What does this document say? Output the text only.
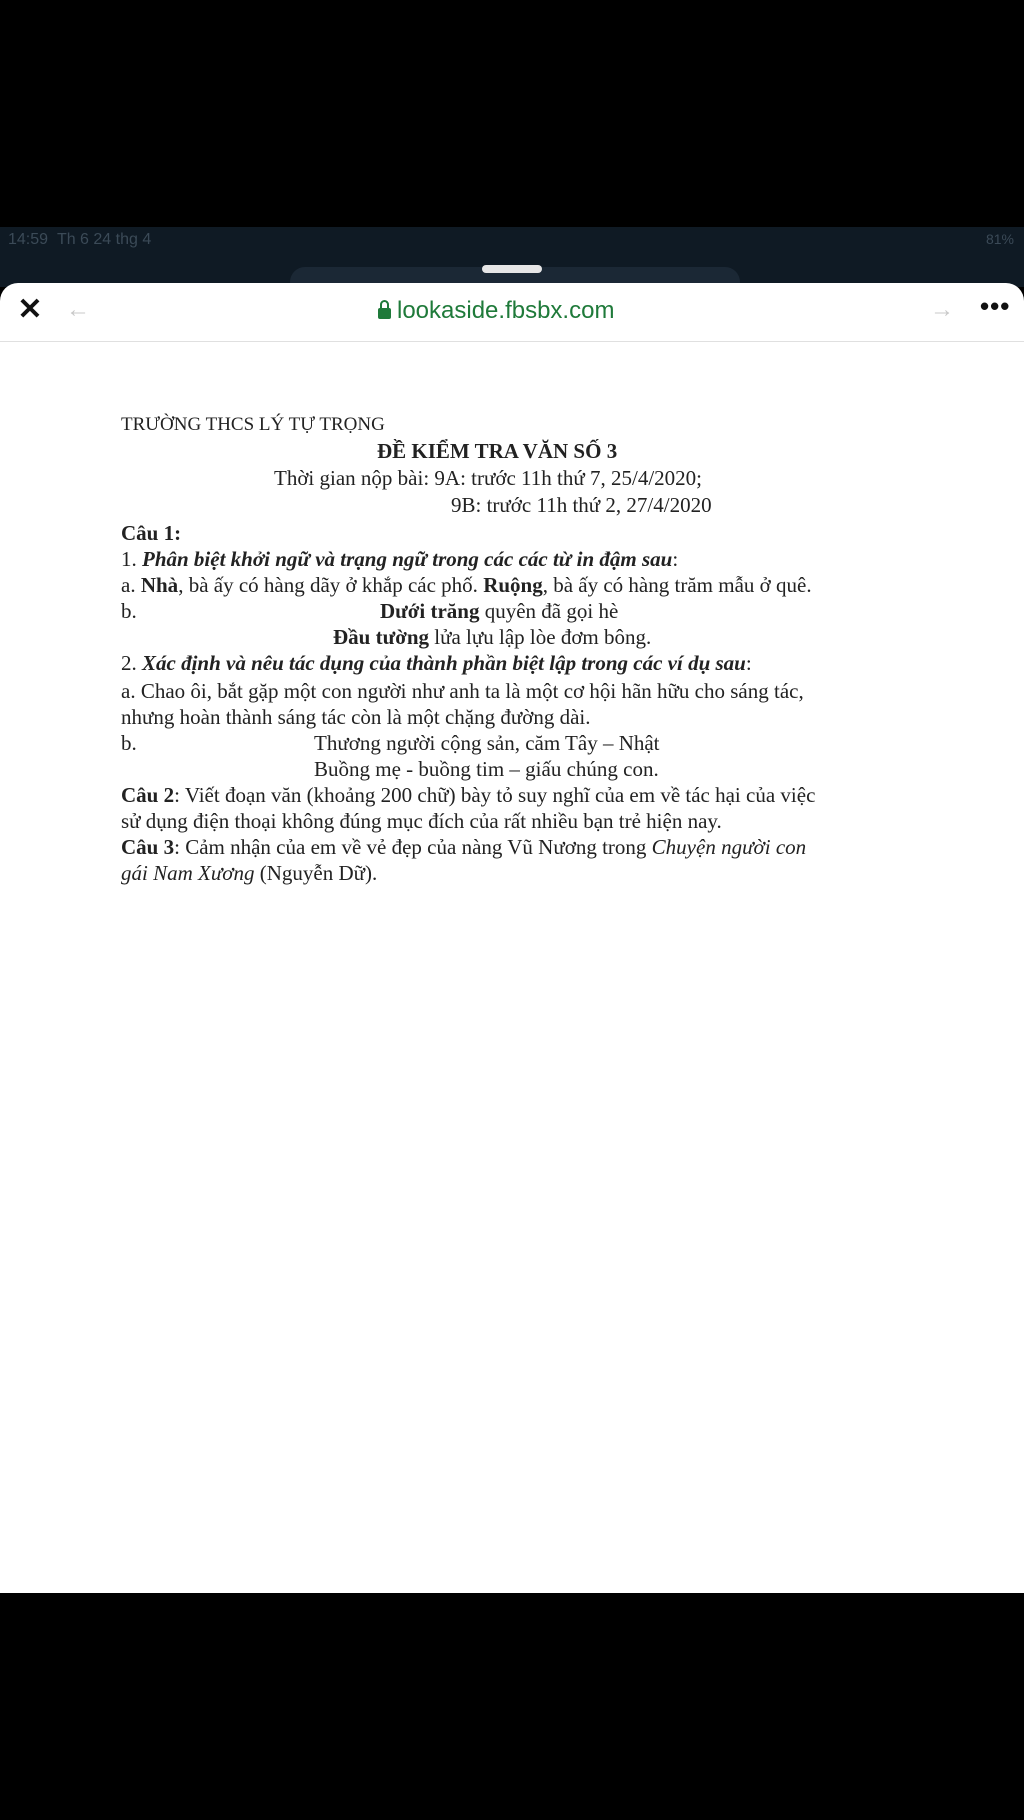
14:59 Th 6 24 thg 4	81%
✕ ←	lookaside.fbsbx.com	→ •••
TRƯỜNG THCS LÝ TỰ TRỌNG
ĐỀ KIỂM TRA VĂN SỐ 3
Thời gian nộp bài: 9A: trước 11h thứ 7, 25/4/2020;
9B: trước 11h thứ 2, 27/4/2020
Câu 1:
1. Phân biệt khởi ngữ và trạng ngữ trong các các từ in đậm sau:
a. Nhà, bà ấy có hàng dãy ở khắp các phố. Ruộng, bà ấy có hàng trăm mẫu ở quê.
b.	Dưới trăng quyên đã gọi hè
Đầu tường lửa lựu lập lòe đơm bông.
2. Xác định và nêu tác dụng của thành phần biệt lập trong các ví dụ sau:
a. Chao ôi, bắt gặp một con người như anh ta là một cơ hội hãn hữu cho sáng tác,
nhưng hoàn thành sáng tác còn là một chặng đường dài.
b.	Thương người cộng sản, căm Tây – Nhật
Buồng mẹ - buồng tim – giấu chúng con.
Câu 2: Viết đoạn văn (khoảng 200 chữ) bày tỏ suy nghĩ của em về tác hại của việc
sử dụng điện thoại không đúng mục đích của rất nhiều bạn trẻ hiện nay.
Câu 3: Cảm nhận của em về vẻ đẹp của nàng Vũ Nương trong Chuyện người con
gái Nam Xương (Nguyễn Dữ).
